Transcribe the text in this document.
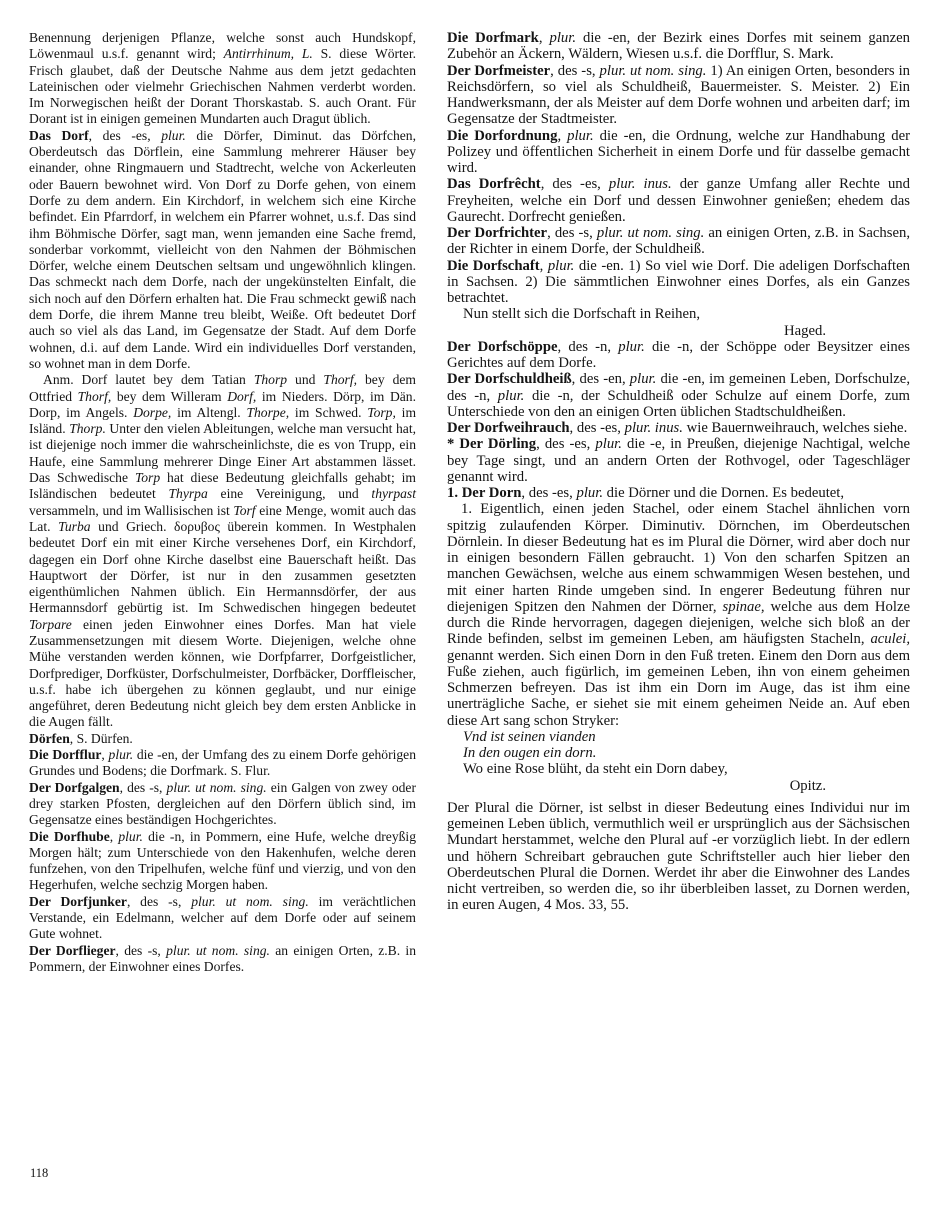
Benennung derjenigen Pflanze, welche sonst auch Hundskopf, Löwenmaul u.s.f. genannt wird; Antirrhinum, L. S. diese Wörter. Frisch glaubet, daß der Deutsche Nahme aus dem jetzt gedachten Lateinischen oder vielmehr Griechischen Nahmen verderbt worden. Im Norwegischen heißt der Dorant Thorskastab. S. auch Orant. Für Dorant ist in einigen gemeinen Mundarten auch Dragut üblich.

Das Dorf, des -es, plur. die Dörfer, Diminut. das Dörfchen, Oberdeutsch das Dörflein, eine Sammlung mehrerer Häuser bey einander, ohne Ringmauern und Stadtrecht, welche von Ackerleuten oder Bauern bewohnet wird. Von Dorf zu Dorfe gehen, von einem Dorfe zu dem andern. Ein Kirchdorf, in welchem sich eine Kirche befindet. Ein Pfarrdorf, in welchem ein Pfarrer wohnet, u.s.f. Das sind ihm Böhmische Dörfer, sagt man, wenn jemanden eine Sache fremd, sonderbar vorkommt, vielleicht von den Nahmen der Böhmischen Dörfer, welche einem Deutschen seltsam und ungewöhnlich klingen. Das schmeckt nach dem Dorfe, nach der ungekünstelten Einfalt, die sich noch auf den Dörfern erhalten hat. Die Frau schmeckt gewiß nach dem Dorfe, die ihrem Manne treu bleibt, Weiße. Oft bedeutet Dorf auch so viel als das Land, im Gegensatze der Stadt. Auf dem Dorfe wohnen, d.i. auf dem Lande. Wird ein individuelles Dorf verstanden, so wohnet man in dem Dorfe.

Anm. Dorf lautet bey dem Tatian Thorp und Thorf, bey dem Ottfried Thorf, bey dem Willeram Dorf, im Nieders. Dörp, im Dän. Dorp, im Angels. Dorpe, im Altengl. Thorpe, im Schwed. Torp, im Isländ. Thorp. Unter den vielen Ableitungen, welche man versucht hat, ist diejenige noch immer die wahrscheinlichste, die es von Trupp, ein Haufe, eine Sammlung mehrerer Dinge Einer Art abstammen lässet. Das Schwedische Torp hat diese Bedeutung gleichfalls gehabt; im Isländischen bedeutet Thyrpa eine Vereinigung, und thyrpast versammeln, und im Wallisischen ist Torf eine Menge, womit auch das Lat. Turba und Griech. δορυβος überein kommen. In Westphalen bedeutet Dorf ein mit einer Kirche versehenes Dorf, ein Kirchdorf, dagegen ein Dorf ohne Kirche daselbst eine Bauerschaft heißt. Das Hauptwort der Dörfer, ist nur in den zusammen gesetzten eigenthümlichen Nahmen üblich. Ein Hermannsdörfer, der aus Hermannsdorf gebürtig ist. Im Schwedischen hingegen bedeutet Torpare einen jeden Einwohner eines Dorfes. Man hat viele Zusammensetzungen mit diesem Worte. Diejenigen, welche ohne Mühe verstanden werden können, wie Dorfpfarrer, Dorfgeistlicher, Dorfprediger, Dorfküster, Dorfschulmeister, Dorfbäcker, Dorffleischer, u.s.f. habe ich übergehen zu können geglaubt, und nur einige angeführet, deren Bedeutung nicht gleich bey dem ersten Anblicke in die Augen fällt.

Dörfen, S. Dürfen.

Die Dorfflur, plur. die -en, der Umfang des zu einem Dorfe gehörigen Grundes und Bodens; die Dorfmark. S. Flur.

Der Dorfgalgen, des -s, plur. ut nom. sing. ein Galgen von zwey oder drey starken Pfosten, dergleichen auf den Dörfern üblich sind, im Gegensatze eines beständigen Hochgerichtes.

Die Dorfhube, plur. die -n, in Pommern, eine Hufe, welche dreyßig Morgen hält; zum Unterschiede von den Hakenhufen, welche deren funfzehen, von den Tripelhufen, welche fünf und vierzig, und von den Hegerhufen, welche sechzig Morgen haben.

Der Dorfjunker, des -s, plur. ut nom. sing. im verächtlichen Verstande, ein Edelmann, welcher auf dem Dorfe oder auf seinem Gute wohnet.

Der Dorflieger, des -s, plur. ut nom. sing. an einigen Orten, z.B. in Pommern, der Einwohner eines Dorfes.

Die Dorfmark, plur. die -en, der Bezirk eines Dorfes mit seinem ganzen Zubehör an Äckern, Wäldern, Wiesen u.s.f. die Dorfflur, S. Mark.

Der Dorfmeister, des -s, plur. ut nom. sing. 1) An einigen Orten, besonders in Reichsdörfern, so viel als Schuldheiß, Bauermeister. S. Meister. 2) Ein Handwerksmann, der als Meister auf dem Dorfe wohnen und arbeiten darf; im Gegensatze der Stadtmeister.

Die Dorfordnung, plur. die -en, die Ordnung, welche zur Handhabung der Polizey und öffentlichen Sicherheit in einem Dorfe und für dasselbe gemacht wird.

Das Dorfrêcht, des -es, plur. inus. der ganze Umfang aller Rechte und Freyheiten, welche ein Dorf und dessen Einwohner genießen; ehedem das Gaurecht. Dorfrecht genießen.

Der Dorfrichter, des -s, plur. ut nom. sing. an einigen Orten, z.B. in Sachsen, der Richter in einem Dorfe, der Schuldheiß.

Die Dorfschaft, plur. die -en. 1) So viel wie Dorf. Die adeligen Dorfschaften in Sachsen. 2) Die sämmtlichen Einwohner eines Dorfes, als ein Ganzes betrachtet.

Nun stellt sich die Dorfschaft in Reihen,

Haged.

Der Dorfschöppe, des -n, plur. die -n, der Schöppe oder Beysitzer eines Gerichtes auf dem Dorfe.

Der Dorfschuldheiß, des -en, plur. die -en, im gemeinen Leben, Dorfschulze, des -n, plur. die -n, der Schuldheiß oder Schulze auf einem Dorfe, zum Unterschiede von den an einigen Orten üblichen Stadtschuldheißen.

Der Dorfweihrauch, des -es, plur. inus. wie Bauernweihrauch, welches siehe.

* Der Dörling, des -es, plur. die -e, in Preußen, diejenige Nachtigal, welche bey Tage singt, und an andern Orten der Rothvogel, oder Tageschläger genannt wird.

1. Der Dorn, des -es, plur. die Dörner und die Dornen. Es bedeutet,

1. Eigentlich, einen jeden Stachel, oder einem Stachel ähnlichen vorn spitzig zulaufenden Körper. Diminutiv. Dörnchen, im Oberdeutschen Dörnlein. In dieser Bedeutung hat es im Plural die Dörner, wird aber doch nur in einigen besondern Fällen gebraucht. 1) Von den scharfen Spitzen an manchen Gewächsen, welche aus einem schwammigen Wesen bestehen, und mit einer harten Rinde umgeben sind. In engerer Bedeutung führen nur diejenigen Spitzen den Nahmen der Dörner, spinae, welche aus dem Holze durch die Rinde hervorragen, dagegen diejenigen, welche sich bloß an der Rinde befinden, selbst im gemeinen Leben, am häufigsten Stacheln, aculei, genannt werden. Sich einen Dorn in den Fuß treten. Einem den Dorn aus dem Fuße ziehen, auch figürlich, im gemeinen Leben, ihn von einem geheimen Schmerzen befreyen. Das ist ihm ein Dorn im Auge, das ist ihm eine unerträgliche Sache, er siehet sie mit einem geheimen Neide an. Auf eben diese Art sang schon Stryker:

Vnd ist seinen vianden

In den ougen ein dorn.

Wo eine Rose blüht, da steht ein Dorn dabey,

Opitz.

Der Plural die Dörner, ist selbst in dieser Bedeutung eines Individui nur im gemeinen Leben üblich, vermuthlich weil er ursprünglich aus der Sächsischen Mundart herstammet, welche den Plural auf -er vorzüglich liebt. In der edlern und höhern Schreibart gebrauchen gute Schriftsteller auch hier lieber den Oberdeutschen Plural die Dornen. Werdet ihr aber die Einwohner des Landes nicht vertreiben, so werden die, so ihr überbleiben lasset, zu Dornen werden, in euren Augen, 4 Mos. 33, 55.

118
